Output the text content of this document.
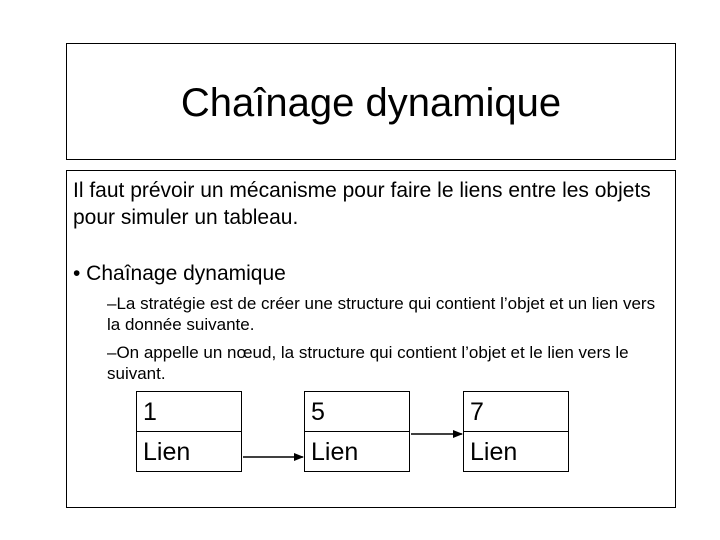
Chaînage dynamique
Il faut prévoir un mécanisme pour faire le liens entre les objets pour simuler un tableau.
• Chaînage dynamique
–La stratégie est de créer une structure qui contient l’objet et un lien vers la donnée suivante.
–On appelle un nœud, la structure qui contient l’objet et le lien vers le suivant.
1
Lien
5
Lien
7
Lien
